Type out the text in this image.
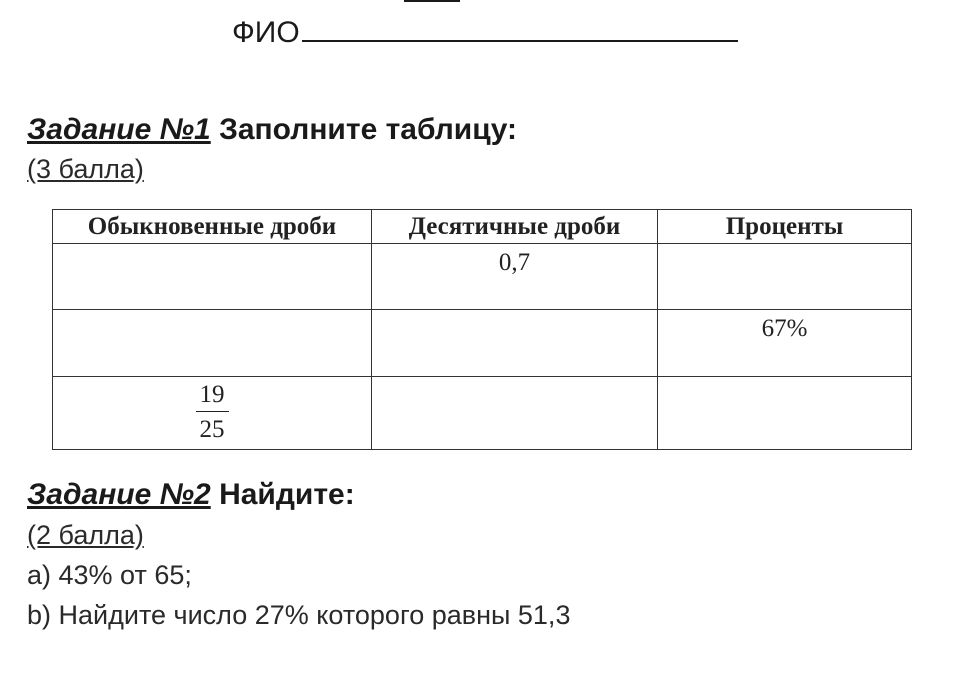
ФИО
Задание №1 Заполните таблицу:
(3 балла)
Обыкновенные дроби	Десятичные дроби	Проценты
	0,7	
		67%

$\frac{19}{25}$

Задание №2 Найдите:
(2 балла)
a) 43% от 65;
b) Найдите число 27% которого равны 51,3
